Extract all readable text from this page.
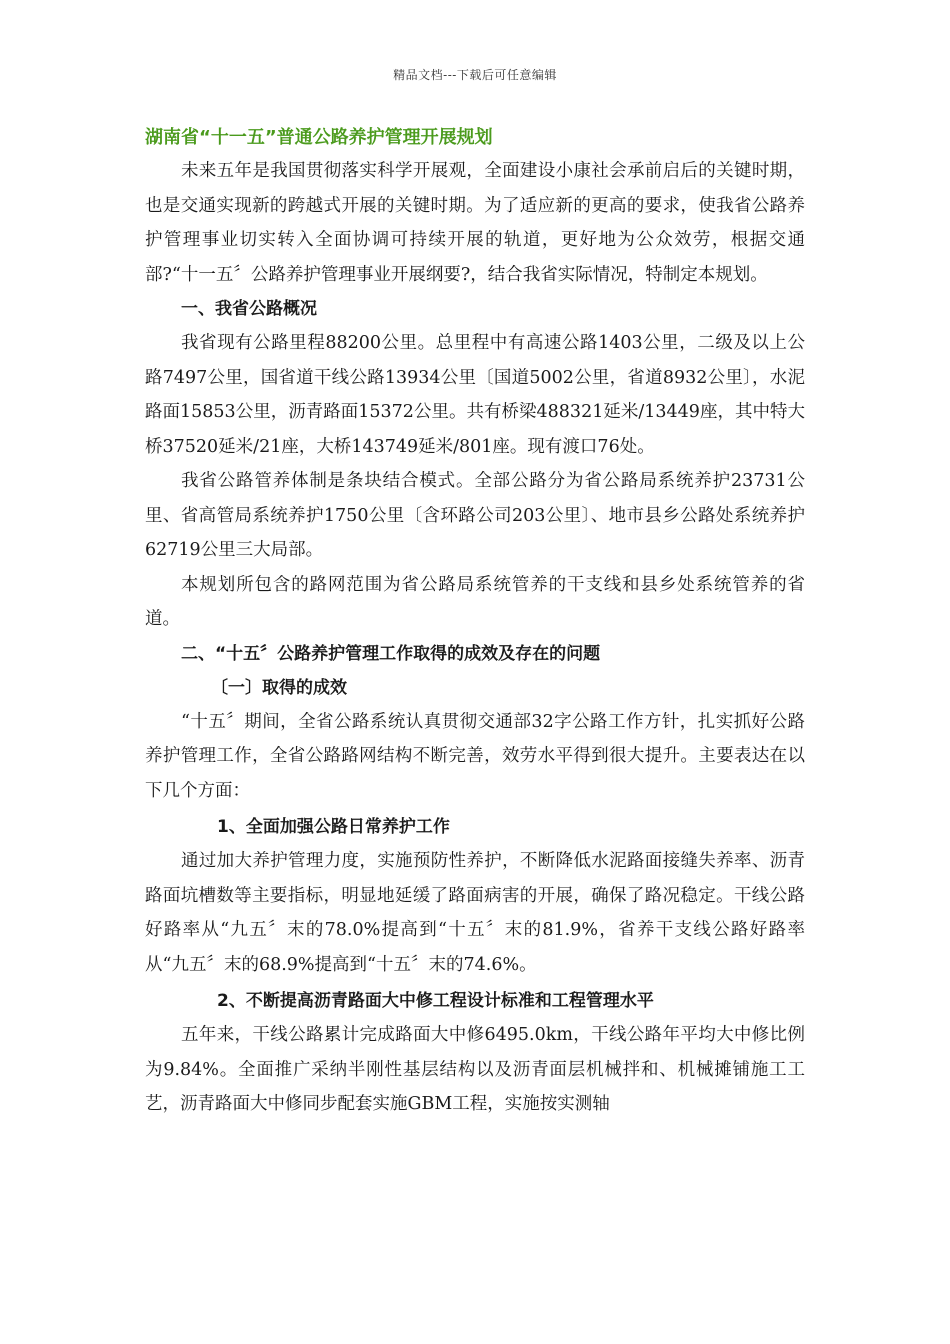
精品文档---下载后可任意编辑

湖南省“十一五”普通公路养护管理开展规划

未来五年是我国贯彻落实科学开展观，全面建设小康社会承前启后的关键时期，也是交通实现新的跨越式开展的关键时期。为了适应新的更高的要求，使我省公路养护管理事业切实转入全面协调可持续开展的轨道，更好地为公众效劳，根据交通部?“十一五〞公路养护管理事业开展纲要?，结合我省实际情况，特制定本规划。

一、我省公路概况

我省现有公路里程88200公里。总里程中有高速公路1403公里，二级及以上公路7497公里，国省道干线公路13934公里〔国道5002公里，省道8932公里〕，水泥路面15853公里，沥青路面15372公里。共有桥梁488321延米/13449座，其中特大桥37520延米/21座，大桥143749延米/801座。现有渡口76处。

我省公路管养体制是条块结合模式。全部公路分为省公路局系统养护23731公里、省高管局系统养护1750公里〔含环路公司203公里〕、地市县乡公路处系统养护62719公里三大局部。

本规划所包含的路网范围为省公路局系统管养的干支线和县乡处系统管养的省道。

二、“十五〞公路养护管理工作取得的成效及存在的问题

〔一〕取得的成效

“十五〞期间，全省公路系统认真贯彻交通部32字公路工作方针，扎实抓好公路养护管理工作，全省公路路网结构不断完善，效劳水平得到很大提升。主要表达在以下几个方面：

1、全面加强公路日常养护工作

通过加大养护管理力度，实施预防性养护，不断降低水泥路面接缝失养率、沥青路面坑槽数等主要指标，明显地延缓了路面病害的开展，确保了路况稳定。干线公路好路率从“九五〞末的78.0%提高到“十五〞末的81.9%，省养干支线公路好路率从“九五〞末的68.9%提高到“十五〞末的74.6%。

2、不断提高沥青路面大中修工程设计标准和工程管理水平

五年来，干线公路累计完成路面大中修6495.0km，干线公路年平均大中修比例为9.84%。全面推广采纳半刚性基层结构以及沥青面层机械拌和、机械摊铺施工工艺，沥青路面大中修同步配套实施GBM工程，实施按实测轴
